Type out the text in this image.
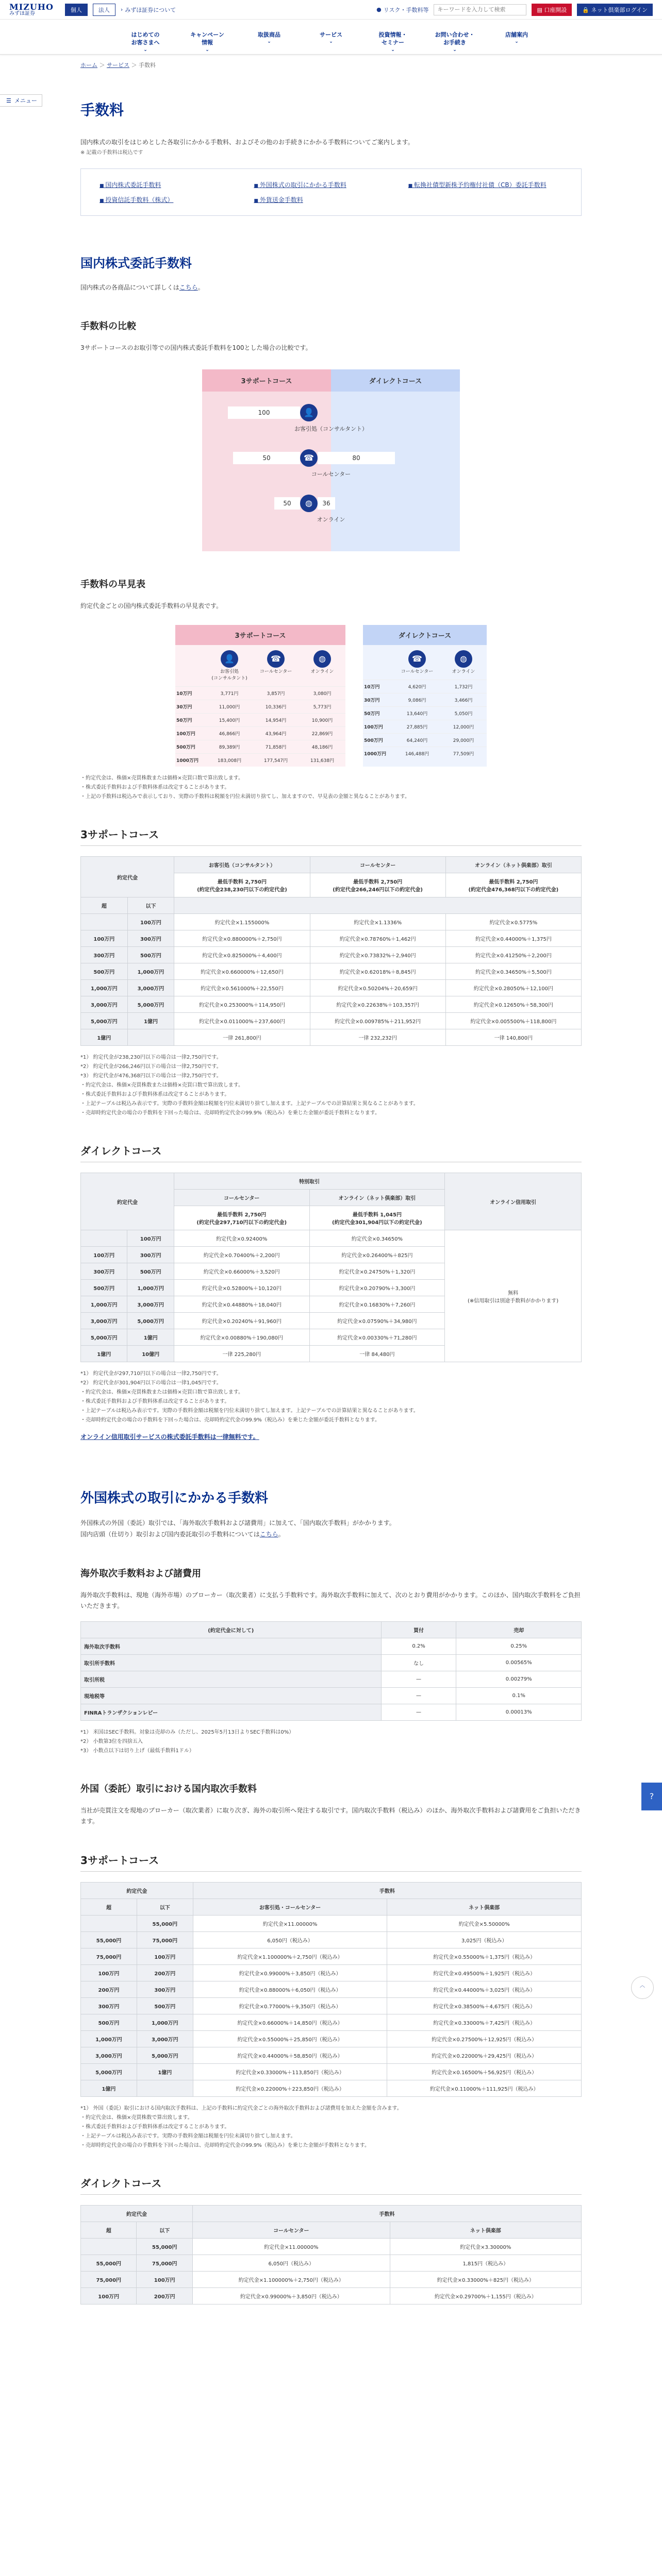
MIZUHO
みずほ証券
個人	法人	› みずほ証券について	● リスク・手数料等
キーワードを入力して検索	▤ 口座開設	🔒 ネット倶楽部ログイン
はじめての
お客さまへ
⌄
キャンペーン
情報
⌄
取扱商品
⌄
サービス
⌄
投資情報・
セミナー
⌄
お問い合わせ・
お手続き
⌄
店舗案内
⌄
ホーム ＞ サービス ＞ 手数料
☰ メニュー
手数料

国内株式の取引をはじめとした各取引にかかる手数料、およびその他のお手続きにかかる手数料についてご案内します。

※ 記載の手数料は税込です

■ 国内株式委託手数料	■ 外国株式の取引にかかる手数料	■ 転換社債型新株予約権付社債（CB）委託手数料
■ 投資信託手数料（株式）	■ 外貨送金手数料
国内株式委託手数料

国内株式の各商品について詳しくはこちら。

手数料の比較

3サポートコースのお取引等での国内株式委託手数料を100とした場合の比較です。

3サポートコース	ダイレクトコース
100	👤
お客引処（コンサルタント）
50	☎	80
コールセンター
50	◍	36
オンライン
手数料の早見表

約定代金ごとの国内株式委託手数料の早見表です。

3サポートコース
👤
お客引処
(コンサルタント)
☎
コールセンター
◍
オンライン
10万円	3,771円	3,857円	3,080円
30万円	11,000円	10,336円	5,773円
50万円	15,400円	14,954円	10,900円
100万円	46,866円	43,964円	22,869円
500万円	89,389円	71,858円	48,186円
1000万円	183,008円	177,547円	131,638円
ダイレクトコース
☎
コールセンター
◍
オンライン
10万円	4,620円	1,732円
30万円	9,086円	3,466円
50万円	13,640円	5,050円
100万円	27,885円	12,000円
500万円	64,240円	29,000円
1000万円	146,488円	77,509円
・約定代金は、株価×売買株数または価格×売買口数で算出致します。
・株式委託手数料および手数料体系は改定することがあります。
・上記の手数料は税込みで表示しており、実際の手数料は税額を円位未満切り捨てし、加えますので、早見表の金額と異なることがあります。
3サポートコース
約定代金		お客引処（コンサルタント）	コールセンター	オンライン（ネット倶楽部）取引
		最低手数料 2,750円
(約定代金238,230円以下の約定代金)	最低手数料 2,750円
(約定代金266,246円以下の約定代金)	最低手数料 2,750円
(約定代金476,368円以下の約定代金)
超	以下			
	100万円	約定代金×1.155000%	約定代金×1.1336%	約定代金×0.5775%
100万円	300万円	約定代金×0.880000%＋2,750円	約定代金×0.78760%＋1,462円	約定代金×0.44000%＋1,375円
300万円	500万円	約定代金×0.825000%＋4,400円	約定代金×0.73832%＋2,940円	約定代金×0.41250%＋2,200円
500万円	1,000万円	約定代金×0.660000%＋12,650円	約定代金×0.62018%＋8,845円	約定代金×0.34650%＋5,500円
1,000万円	3,000万円	約定代金×0.561000%＋22,550円	約定代金×0.50204%＋20,659円	約定代金×0.28050%＋12,100円
3,000万円	5,000万円	約定代金×0.253000%＋114,950円	約定代金×0.22638%＋103,357円	約定代金×0.12650%＋58,300円
5,000万円	1億円	約定代金×0.011000%＋237,600円	約定代金×0.009785%＋211,952円	約定代金×0.005500%＋118,800円
1億円		一律 261,800円	一律 232,232円	一律 140,800円
*1） 約定代金が238,230円以下の場合は一律2,750円です。
*2） 約定代金が266,246円以下の場合は一律2,750円です。
*3） 約定代金が476,368円以下の場合は一律2,750円です。
・約定代金は、株価×売買株数または価格×売買口数で算出致します。
・株式委託手数料および手数料体系は改定することがあります。
・上記テーブルは税込み表示です。実際の手数料金額は税額を円位未満切り捨てし加えます。上記テーブルでの計算結果と異なることがあります。
・売却時約定代金の場合の手数料を下回った場合は、売却時約定代金の99.9%（税込み）を乗じた金額が委託手数料となります。
ダイレクトコース
約定代金		特別取引		オンライン信用取引
		コールセンター	オンライン（ネット倶楽部）取引	
		最低手数料 2,750円
(約定代金297,710円以下の約定代金)	最低手数料 1,045円
(約定代金301,904円以下の約定代金)	
	100万円	約定代金×0.92400%	約定代金×0.34650%	無料
(※信用取引は別途手数料がかかります)
100万円	300万円	約定代金×0.70400%＋2,200円	約定代金×0.26400%＋825円	
300万円	500万円	約定代金×0.66000%＋3,520円	約定代金×0.24750%＋1,320円	
500万円	1,000万円	約定代金×0.52800%＋10,120円	約定代金×0.20790%＋3,300円	
1,000万円	3,000万円	約定代金×0.44880%＋18,040円	約定代金×0.16830%＋7,260円	
3,000万円	5,000万円	約定代金×0.20240%＋91,960円	約定代金×0.07590%＋34,980円	
5,000万円	1億円	約定代金×0.00880%＋190,080円	約定代金×0.00330%＋71,280円	
1億円	10億円	一律 225,280円	一律 84,480円	
*1） 約定代金が297,710円以下の場合は一律2,750円です。
*2） 約定代金が301,904円以下の場合は一律1,045円です。
・約定代金は、株価×売買株数または価格×売買口数で算出致します。
・株式委託手数料および手数料体系は改定することがあります。
・上記テーブルは税込み表示です。実際の手数料金額は税額を円位未満切り捨てし加えます。上記テーブルでの計算結果と異なることがあります。
・売却時約定代金の場合の手数料を下回った場合は、売却時約定代金の99.9%（税込み）を乗じた金額が委託手数料となります。
オンライン信用取引サービスの株式委託手数料は一律無料です。
外国株式の取引にかかる手数料

外国株式の外国（委託）取引では、「海外取次手数料および諸費用」に加えて、「国内取次手数料」がかかります。

国内店頭（仕切り）取引および国内委託取引の手数料についてはこちら。

海外取次手数料および諸費用

海外取次手数料は、現地（海外市場）のブローカー（取次業者）に支払う手数料です。海外取次手数料に加えて、次のとおり費用がかかります。このほか、国内取次手数料をご負担いただきます。

(約定代金に対して)	買付	売却
海外取次手数料	0.2%	0.25%
取引所手数料	なし	0.00565%
取引所税	—	0.00279%
現地税等	—	0.1%
FINRAトランザクションレビー	—	0.00013%
*1） 米国はSEC手数料。対象は売却のみ（ただし、2025年5月13日よりSEC手数料は0%）
*2） 小数第3位を四捨五入
*3） 小数点以下は切り上げ（最低手数料1ドル）
外国（委託）取引における国内取次手数料

当社が売買注文を現地のブローカー（取次業者）に取り次ぎ、海外の取引所へ発注する取引です。国内取次手数料（税込み）のほか、海外取次手数料および諸費用をご負担いただきます。

3サポートコース
約定代金		手数料	
超	以下	お客引処・コールセンター	ネット倶楽部
	55,000円	約定代金×11.00000%	約定代金×5.50000%
55,000円	75,000円	6,050円（税込み）	3,025円（税込み）
75,000円	100万円	約定代金×1.100000%＋2,750円（税込み）	約定代金×0.55000%＋1,375円（税込み）
100万円	200万円	約定代金×0.99000%＋3,850円（税込み）	約定代金×0.49500%＋1,925円（税込み）
200万円	300万円	約定代金×0.88000%＋6,050円（税込み）	約定代金×0.44000%＋3,025円（税込み）
300万円	500万円	約定代金×0.77000%＋9,350円（税込み）	約定代金×0.38500%＋4,675円（税込み）
500万円	1,000万円	約定代金×0.66000%＋14,850円（税込み）	約定代金×0.33000%＋7,425円（税込み）
1,000万円	3,000万円	約定代金×0.55000%＋25,850円（税込み）	約定代金×0.27500%＋12,925円（税込み）
3,000万円	5,000万円	約定代金×0.44000%＋58,850円（税込み）	約定代金×0.22000%＋29,425円（税込み）
5,000万円	1億円	約定代金×0.33000%＋113,850円（税込み）	約定代金×0.16500%＋56,925円（税込み）
1億円		約定代金×0.22000%＋223,850円（税込み）	約定代金×0.11000%＋111,925円（税込み）
*1） 外国（委託）取引における国内取次手数料は、上記の手数料に約定代金ごとの海外取次手数料および諸費用を加えた金額を含みます。
・約定代金は、株価×売買株数で算出致します。
・株式委託手数料および手数料体系は改定することがあります。
・上記テーブルは税込み表示です。実際の手数料金額は税額を円位未満切り捨てし加えます。
・売却時約定代金の場合の手数料を下回った場合は、売却時約定代金の99.9%（税込み）を乗じた金額が手数料となります。
ダイレクトコース
約定代金		手数料	
超	以下	コールセンター	ネット倶楽部
	55,000円	約定代金×11.00000%	約定代金×3.30000%
55,000円	75,000円	6,050円（税込み）	1,815円（税込み）
75,000円	100万円	約定代金×1.100000%＋2,750円（税込み）	約定代金×0.33000%＋825円（税込み）
100万円	200万円	約定代金×0.99000%＋3,850円（税込み）	約定代金×0.29700%＋1,155円（税込み）
?
︿
